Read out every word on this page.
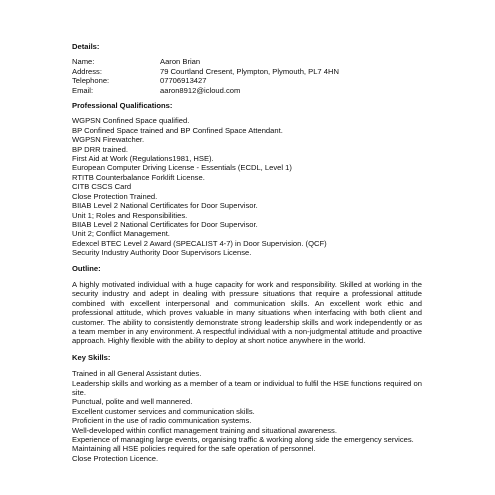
Details:
Name:	Aaron Brian
Address:	79 Courtland Cresent, Plympton, Plymouth, PL7 4HN
Telephone:	07706913427
Email:	aaron8912@icloud.com
Professional Qualifications:
WGPSN Confined Space qualified.
BP Confined Space trained and BP Confined Space Attendant.
WGPSN Firewatcher.
BP DRR trained.
First Aid at Work (Regulations1981, HSE).
European Computer Driving License - Essentials (ECDL, Level 1)
RTITB Counterbalance Forklift License.
CITB CSCS Card
Close Protection Trained.
BIIAB Level 2 National Certificates for Door Supervisor.
Unit 1; Roles and Responsibilities.
BIIAB Level 2 National Certificates for Door Supervisor.
Unit 2; Conflict Management.
Edexcel BTEC Level 2 Award (SPECALIST 4-7) in Door Supervision. (QCF)
Security Industry Authority Door Supervisors License.
Outline:

A highly motivated individual with a huge capacity for work and responsibility. Skilled at working in the security industry and adept in dealing with pressure situations that require a professional attitude combined with excellent interpersonal and communication skills. An excellent work ethic and professional attitude, which proves valuable in many situations when interfacing with both client and customer. The ability to consistently demonstrate strong leadership skills and work independently or as a team member in any environment. A respectful individual with a non-judgmental attitude and proactive approach. Highly flexible with the ability to deploy at short notice anywhere in the world.

Key Skills:
Trained in all General Assistant duties.
Leadership skills and working as a member of a team or individual to fulfil the HSE functions required on site.
Punctual, polite and well mannered.
Excellent customer services and communication skills.
Proficient in the use of radio communication systems.
Well-developed within conflict management training and situational awareness.
Experience of managing large events, organising traffic & working along side the emergency services.
Maintaining all HSE policies required for the safe operation of personnel.
Close Protection Licence.
